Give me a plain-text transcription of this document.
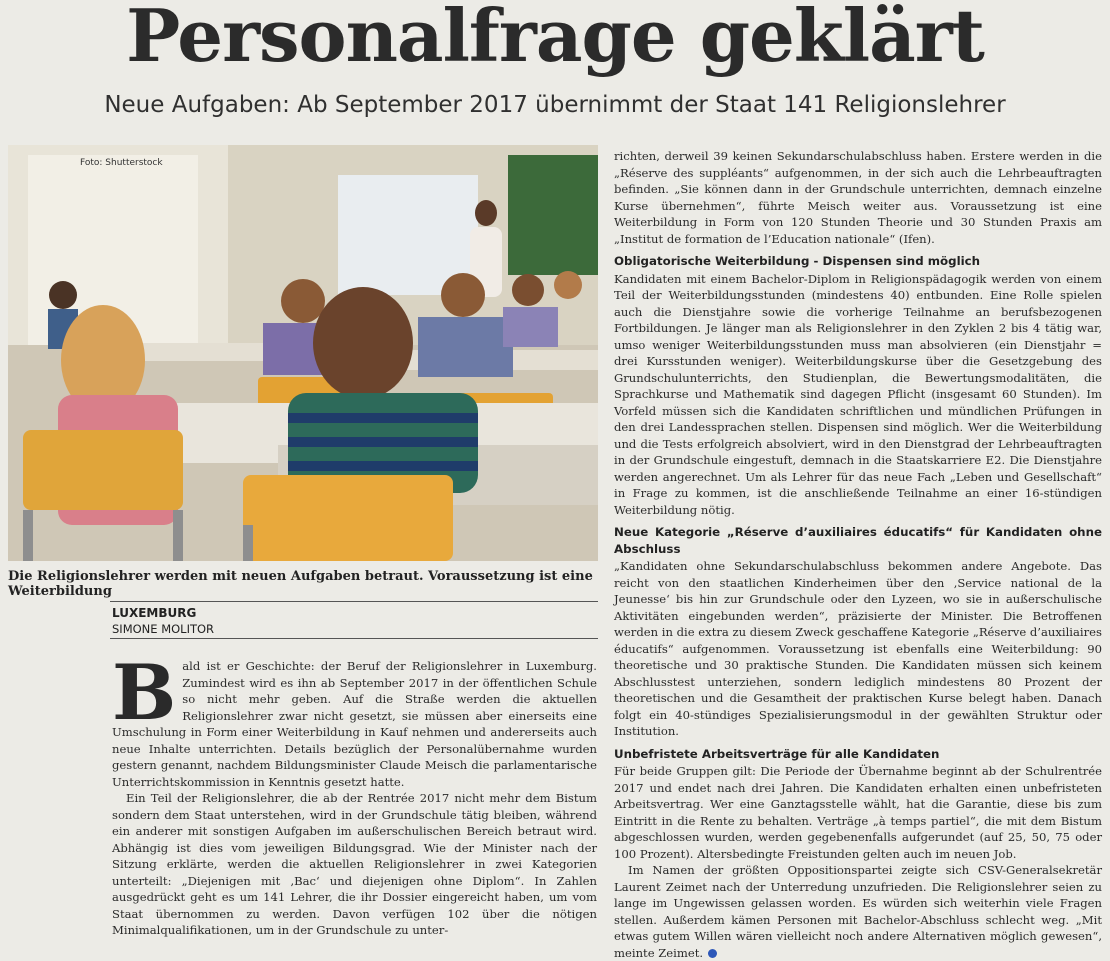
Personalfrage geklärt
Neue Aufgaben: Ab September 2017 übernimmt der Staat 141 Religionslehrer
Foto: Shutterstock
Die Religionslehrer werden mit neuen Aufgaben betraut. Voraussetzung ist eine Weiterbildung
LUXEMBURG
SIMONE MOLITOR

Bald ist er Geschichte: der Beruf der Religionslehrer in Luxemburg. Zumindest wird es ihn ab September 2017 in der öffentlichen Schule so nicht mehr geben. Auf die Straße werden die aktuellen Religionslehrer zwar nicht gesetzt, sie müssen aber einerseits eine Umschulung in Form einer Weiterbildung in Kauf nehmen und andererseits auch neue Inhalte unterrichten. Details bezüglich der Personalübernahme wurden gestern genannt, nachdem Bildungsminister Claude Meisch die parlamentarische Unterrichtskommission in Kenntnis gesetzt hatte.

Ein Teil der Religionslehrer, die ab der Rentrée 2017 nicht mehr dem Bistum sondern dem Staat unterstehen, wird in der Grundschule tätig bleiben, während ein anderer mit sonstigen Aufgaben im außerschulischen Bereich betraut wird. Abhängig ist dies vom jeweiligen Bildungsgrad. Wie der Minister nach der Sitzung erklärte, werden die aktuellen Religionslehrer in zwei Kategorien unterteilt: „Diejenigen mit ‚Bac‘ und diejenigen ohne Diplom“. In Zahlen ausgedrückt geht es um 141 Lehrer, die ihr Dossier eingereicht haben, um vom Staat übernommen zu werden. Davon verfügen 102 über die nötigen Minimalqualifikationen, um in der Grundschule zu unter-

richten, derweil 39 keinen Sekundarschulabschluss haben. Erstere werden in die „Réserve des suppléants“ aufgenommen, in der sich auch die Lehrbeauftragten befinden. „Sie können dann in der Grundschule unterrichten, demnach einzelne Kurse übernehmen“, führte Meisch weiter aus. Voraussetzung ist eine Weiterbildung in Form von 120 Stunden Theorie und 30 Stunden Praxis am „Institut de formation de l’Education nationale“ (Ifen).

Obligatorische Weiterbildung - Dispensen sind möglich

Kandidaten mit einem Bachelor-Diplom in Religionspädagogik werden von einem Teil der Weiterbildungsstunden (mindestens 40) entbunden. Eine Rolle spielen auch die Dienstjahre sowie die vorherige Teilnahme an berufsbezogenen Fortbildungen. Je länger man als Religionslehrer in den Zyklen 2 bis 4 tätig war, umso weniger Weiterbildungsstunden muss man absolvieren (ein Dienstjahr = drei Kursstunden weniger). Weiterbildungskurse über die Gesetzgebung des Grundschulunterrichts, den Studienplan, die Bewertungsmodalitäten, die Sprachkurse und Mathematik sind dagegen Pflicht (insgesamt 60 Stunden). Im Vorfeld müssen sich die Kandidaten schriftlichen und mündlichen Prüfungen in den drei Landessprachen stellen. Dispensen sind möglich. Wer die Weiterbildung und die Tests erfolgreich absolviert, wird in den Dienstgrad der Lehrbeauftragten in der Grundschule eingestuft, demnach in die Staatskarriere E2. Die Dienstjahre werden angerechnet. Um als Lehrer für das neue Fach „Leben und Gesellschaft“ in Frage zu kommen, ist die anschließende Teilnahme an einer 16-stündigen Weiterbildung nötig.

Neue Kategorie „Réserve d’auxiliaires éducatifs“ für Kandidaten ohne Abschluss

„Kandidaten ohne Sekundarschulabschluss bekommen andere Angebote. Das reicht von den staatlichen Kinderheimen über den ‚Service national de la Jeunesse‘ bis hin zur Grundschule oder den Lyzeen, wo sie in außerschulische Aktivitäten eingebunden werden“, präzisierte der Minister. Die Betroffenen werden in die extra zu diesem Zweck geschaffene Kategorie „Réserve d’auxiliaires éducatifs“ aufgenommen. Voraussetzung ist ebenfalls eine Weiterbildung: 90 theoretische und 30 praktische Stunden. Die Kandidaten müssen sich keinem Abschlusstest unterziehen, sondern lediglich mindestens 80 Prozent der theoretischen und die Gesamtheit der praktischen Kurse belegt haben. Danach folgt ein 40-stündiges Spezialisierungsmodul in der gewählten Struktur oder Institution.

Unbefristete Arbeitsverträge für alle Kandidaten

Für beide Gruppen gilt: Die Periode der Übernahme beginnt ab der Schulrentrée 2017 und endet nach drei Jahren. Die Kandidaten erhalten einen unbefristeten Arbeitsvertrag. Wer eine Ganztagsstelle wählt, hat die Garantie, diese bis zum Eintritt in die Rente zu behalten. Verträge „à temps partiel“, die mit dem Bistum abgeschlossen wurden, werden gegebenenfalls aufgerundet (auf 25, 50, 75 oder 100 Prozent). Altersbedingte Freistunden gelten auch im neuen Job.

Im Namen der größten Oppositionspartei zeigte sich CSV-Generalsekretär Laurent Zeimet nach der Unterredung unzufrieden. Die Religionslehrer seien zu lange im Ungewissen gelassen worden. Es würden sich weiterhin viele Fragen stellen. Außerdem kämen Personen mit Bachelor-Abschluss schlecht weg. „Mit etwas gutem Willen wären vielleicht noch andere Alternativen möglich gewesen“, meinte Zeimet.
